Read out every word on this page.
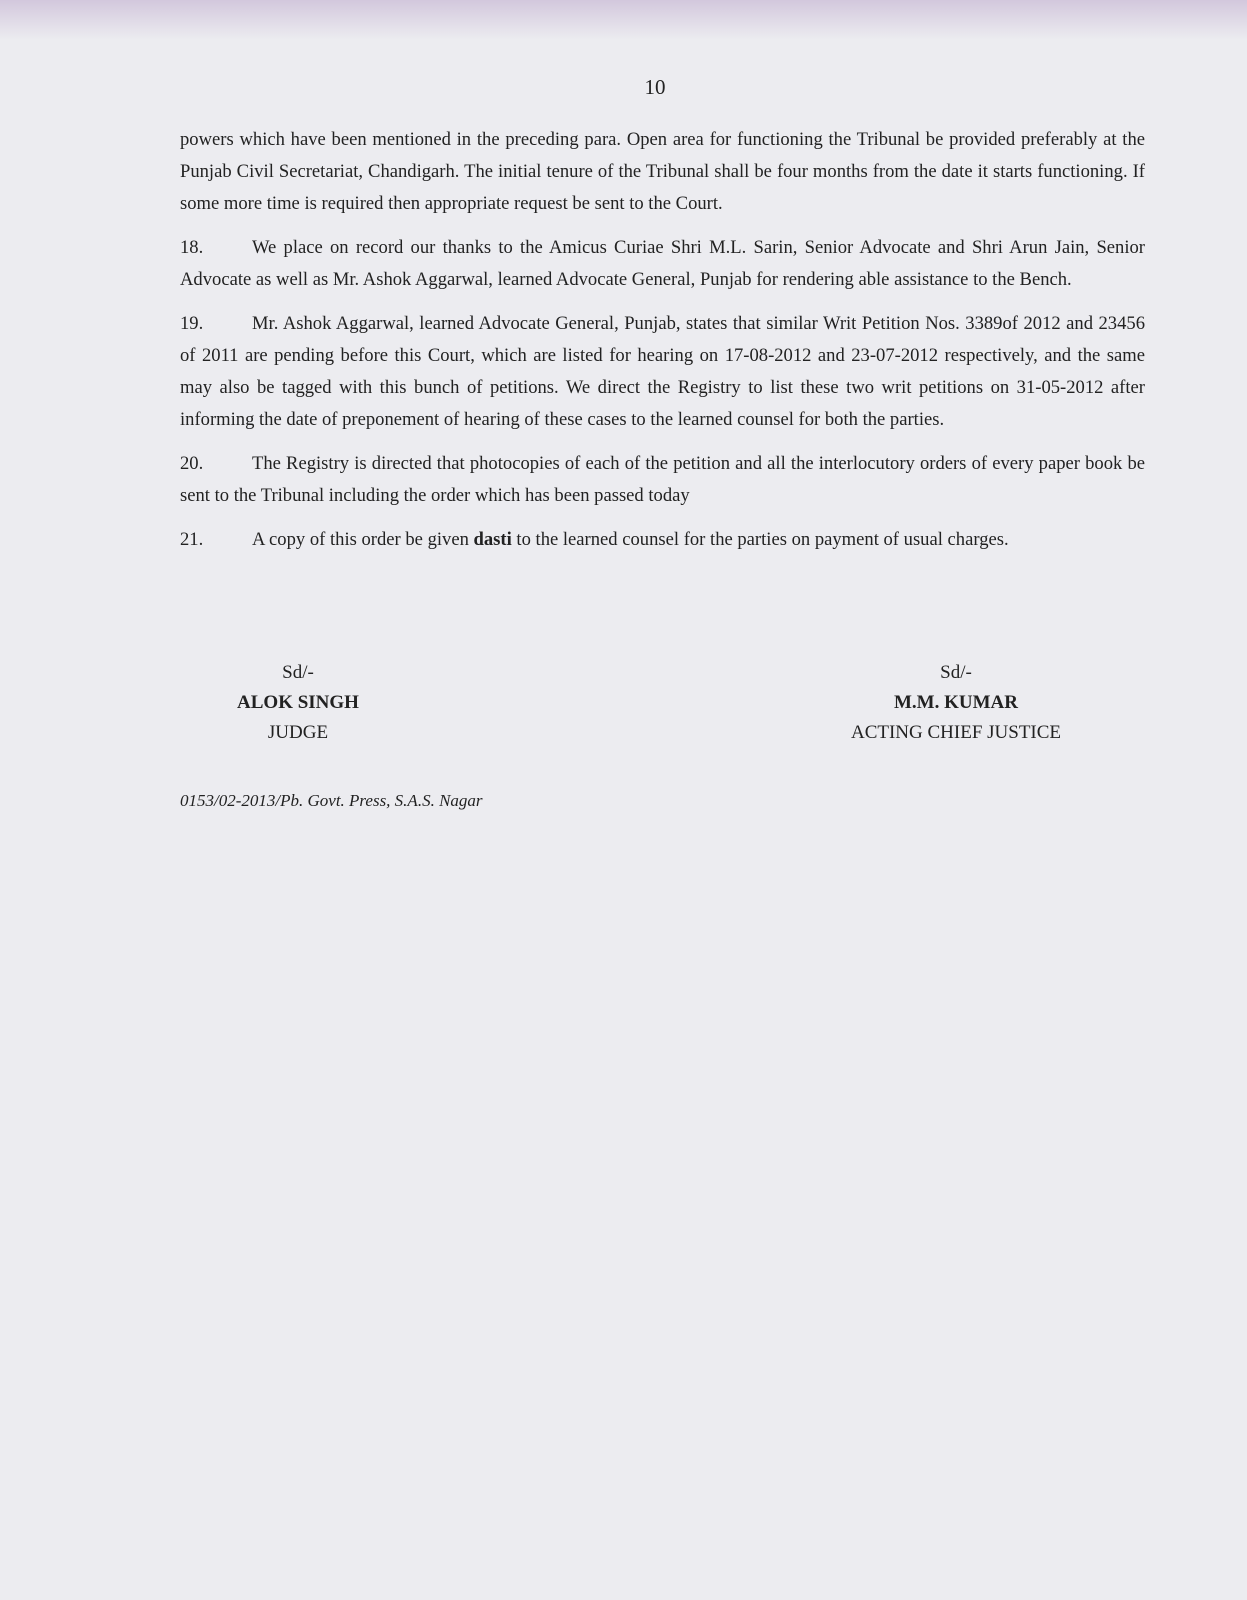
10

powers which have been mentioned in the preceding para. Open area for functioning the Tribunal be provided preferably at the Punjab Civil Secretariat, Chandigarh. The initial tenure of the Tribunal shall be four months from the date it starts functioning. If some more time is required then appropriate request be sent to the Court.

18.	We place on record our thanks to the Amicus Curiae Shri M.L. Sarin, Senior Advocate and Shri Arun Jain, Senior Advocate as well as Mr. Ashok Aggarwal, learned Advocate General, Punjab for rendering able assistance to the Bench.

19.	Mr. Ashok Aggarwal, learned Advocate General, Punjab, states that similar Writ Petition Nos. 3389of 2012 and 23456 of 2011 are pending before this Court, which are listed for hearing on 17-08-2012 and 23-07-2012 respectively, and the same may also be tagged with this bunch of petitions. We direct the Registry to list these two writ petitions on 31-05-2012 after informing the date of preponement of hearing of these cases to the learned counsel for both the parties.

20.	The Registry is directed that photocopies of each of the petition and all the interlocutory orders of every paper book be sent to the Tribunal including the order which has been passed today

21.	A copy of this order be given dasti to the learned counsel for the parties on payment of usual charges.

Sd/-
ALOK SINGH
JUDGE
Sd/-
M.M. KUMAR
ACTING CHIEF JUSTICE
0153/02-2013/Pb. Govt. Press, S.A.S. Nagar
